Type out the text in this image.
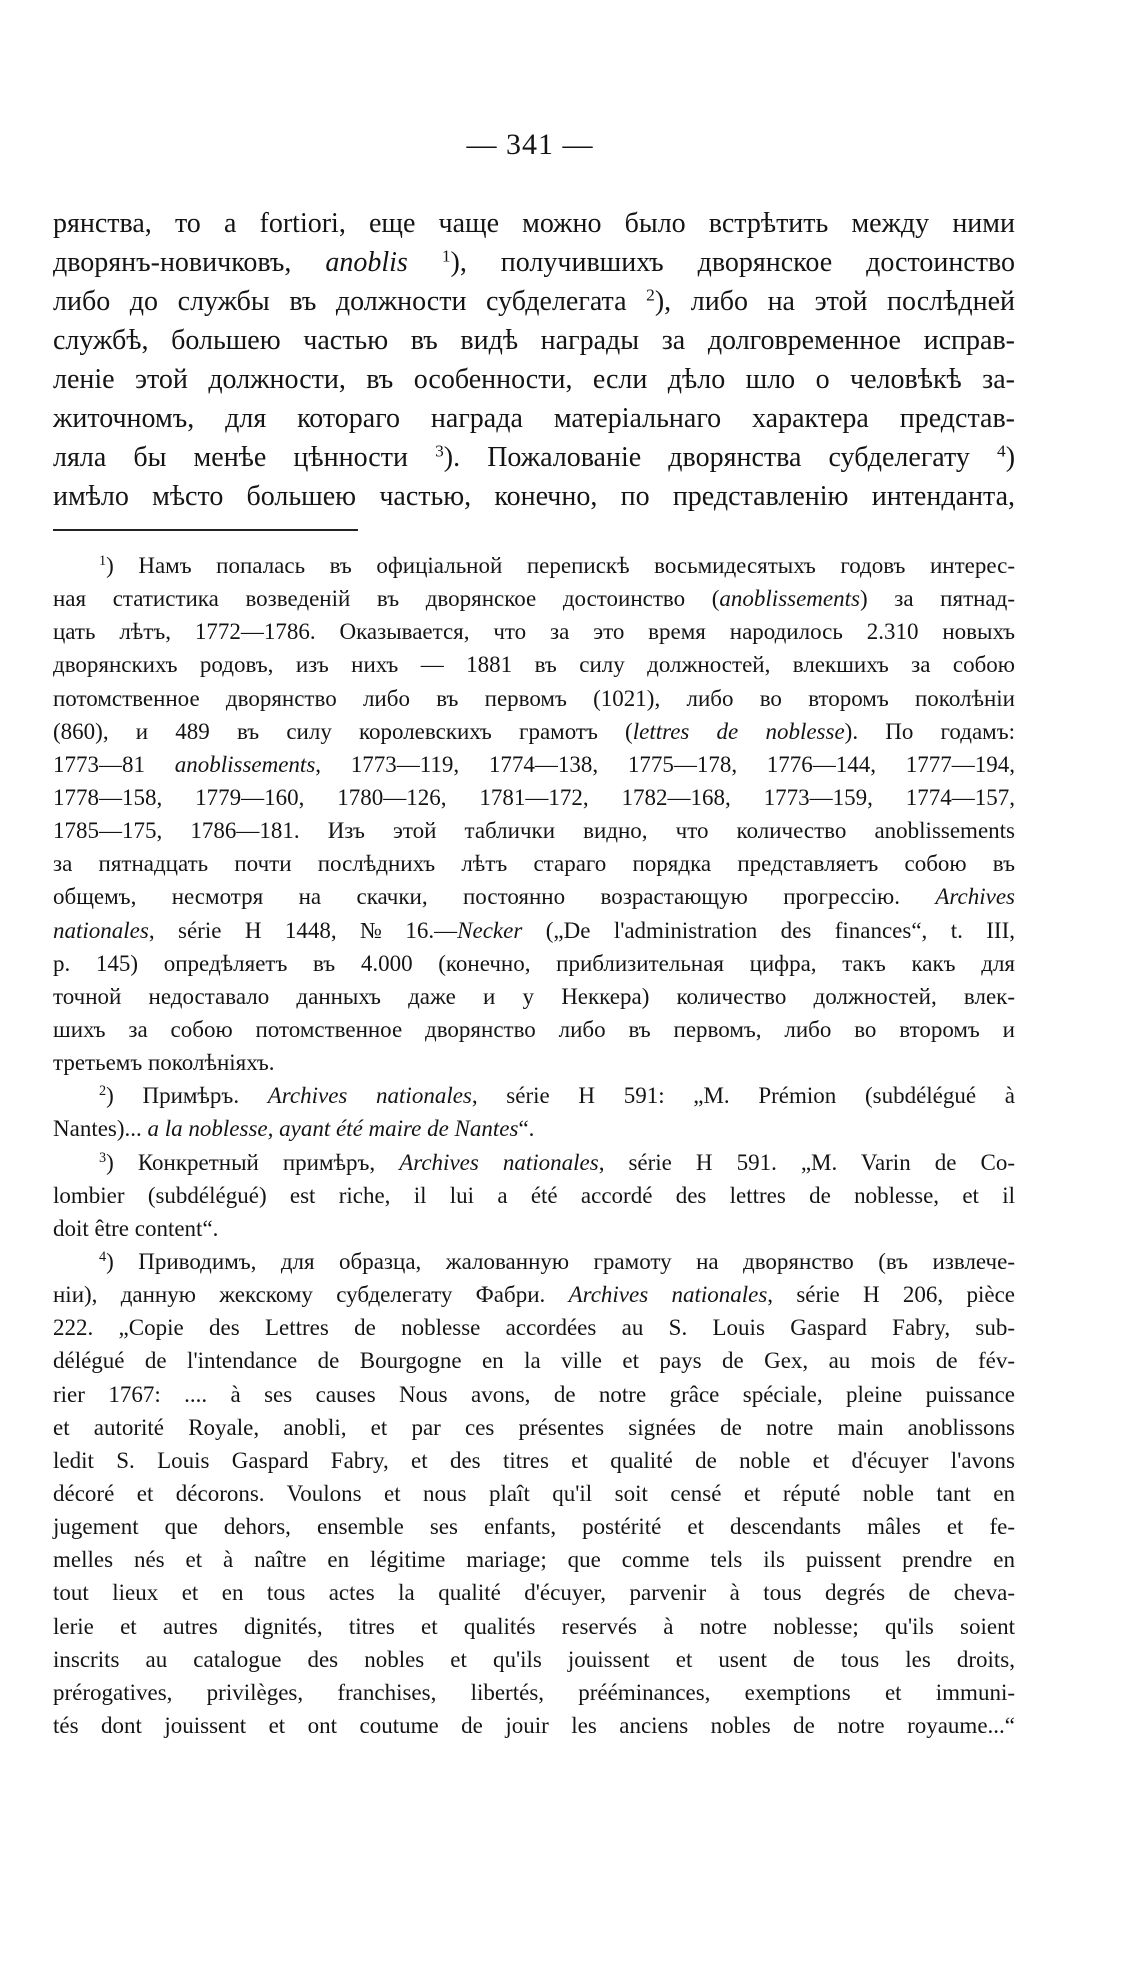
— 341 —
рянства, то a fortiori, еще чаще можно было встрѣтить между ними
дворянъ-новичковъ, anoblis $^1$), получившихъ дворянское достоинство
либо до службы въ должности субделегата $^2$), либо на этой послѣдней
службѣ, большею частью въ видѣ награды за долговременное исправ-
леніе этой должности, въ особенности, если дѣло шло о человѣкѣ за-
житочномъ, для котораго награда матеріальнаго характера представ-
ляла бы менѣе цѣнности $^3$). Пожалованіе дворянства субделегату $^4$)
имѣло мѣсто большею частью, конечно, по представленію интенданта,
$^1$) Намъ попалась въ офиціальной перепискѣ восьмидесятыхъ годовъ интерес-
ная статистика возведеній въ дворянское достоинство (anoblissements) за пятнад-
цать лѣтъ, 1772—1786. Оказывается, что за это время народилось 2.310 новыхъ
дворянскихъ родовъ, изъ нихъ — 1881 въ силу должностей, влекшихъ за собою
потомственное дворянство либо въ первомъ (1021), либо во второмъ поколѣніи
(860), и 489 въ силу королевскихъ грамотъ (lettres de noblesse). По годамъ:
1773—81 anoblissements, 1773—119, 1774—138, 1775—178, 1776—144, 1777—194,
1778—158, 1779—160, 1780—126, 1781—172, 1782—168, 1773—159, 1774—157,
1785—175, 1786—181. Изъ этой таблички видно, что количество anoblissements
за пятнадцать почти послѣднихъ лѣтъ стараго порядка представляетъ собою въ
общемъ, несмотря на скачки, постоянно возрастающую прогрессію. Archives
nationales, série H 1448, № 16.—Necker („De l'administration des finances“, t. III,
p. 145) опредѣляетъ въ 4.000 (конечно, приблизительная цифра, такъ какъ для
точной недоставало данныхъ даже и у Неккера) количество должностей, влек-
шихъ за собою потомственное дворянство либо въ первомъ, либо во второмъ и
третьемъ поколѣніяхъ.
$^2$) Примѣръ. Archives nationales, série H 591: „M. Prémion (subdélégué à
Nantes)... a la noblesse, ayant été maire de Nantes“.
$^3$) Конкретный примѣръ, Archives nationales, série H 591. „M. Varin de Co-
lombier (subdélégué) est riche, il lui a été accordé des lettres de noblesse, et il
doit être content“.
$^4$) Приводимъ, для образца, жалованную грамоту на дворянство (въ извлече-
ніи), данную жекскому субделегату Фабри. Archives nationales, série H 206, pièce
222. „Copie des Lettres de noblesse accordées au S. Louis Gaspard Fabry, sub-
délégué de l'intendance de Bourgogne en la ville et pays de Gex, au mois de fév-
rier 1767: .... à ses causes Nous avons, de notre grâce spéciale, pleine puissance
et autorité Royale, anobli, et par ces présentes signées de notre main anoblissons
ledit S. Louis Gaspard Fabry, et des titres et qualité de noble et d'écuyer l'avons
décoré et décorons. Voulons et nous plaît qu'il soit censé et réputé noble tant en
jugement que dehors, ensemble ses enfants, postérité et descendants mâles et fe-
melles nés et à naître en légitime mariage; que comme tels ils puissent prendre en
tout lieux et en tous actes la qualité d'écuyer, parvenir à tous degrés de cheva-
lerie et autres dignités, titres et qualités reservés à notre noblesse; qu'ils soient
inscrits au catalogue des nobles et qu'ils jouissent et usent de tous les droits,
prérogatives, privilèges, franchises, libertés, prééminances, exemptions et immuni-
tés dont jouissent et ont coutume de jouir les anciens nobles de notre royaume...“
